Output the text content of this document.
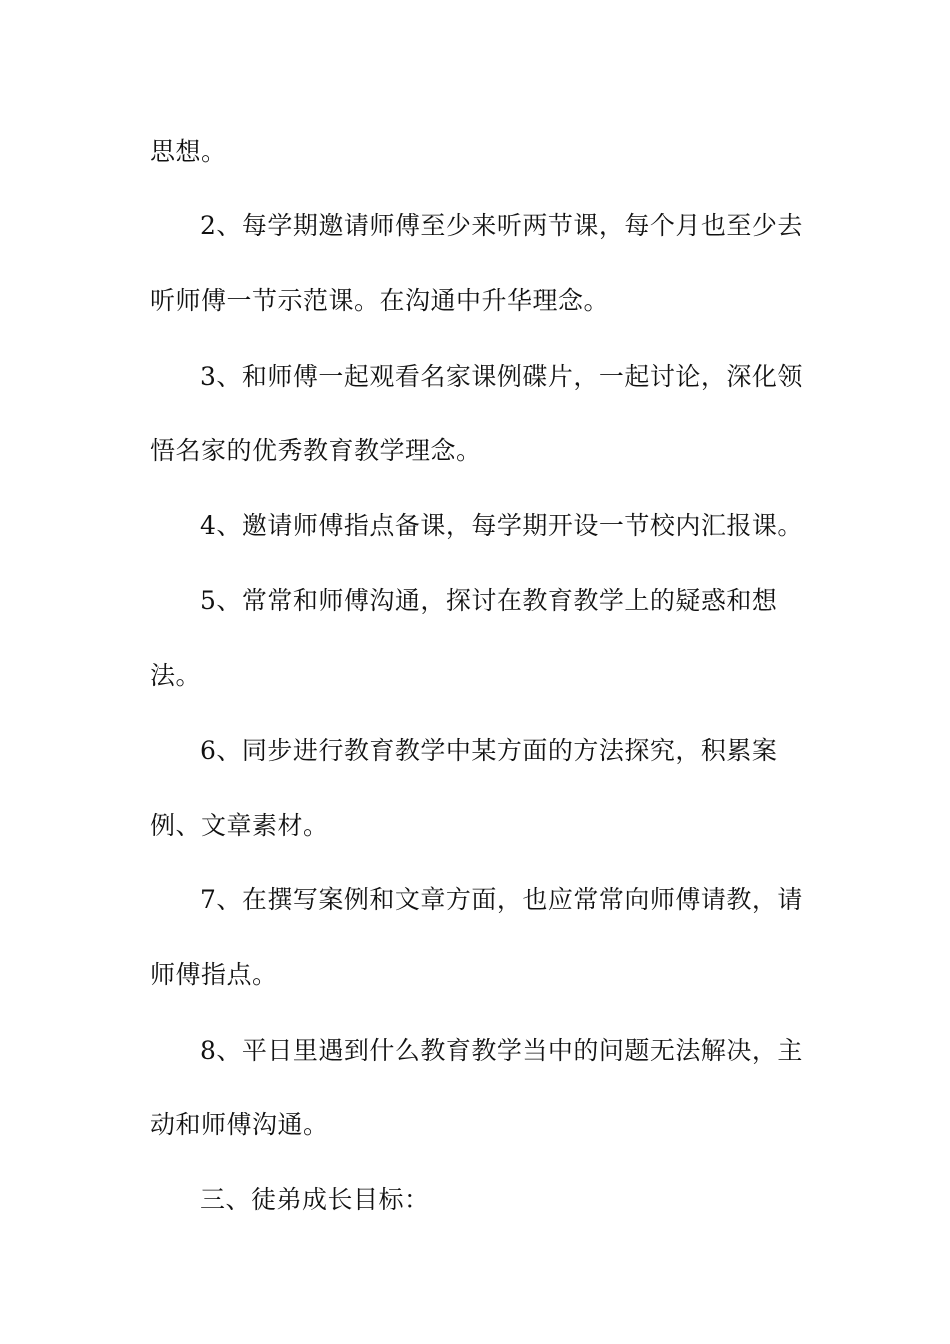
思想。
2、每学期邀请师傅至少来听两节课，每个月也至少去
听师傅一节示范课。在沟通中升华理念。
3、和师傅一起观看名家课例碟片，一起讨论，深化领
悟名家的优秀教育教学理念。
4、邀请师傅指点备课，每学期开设一节校内汇报课。
5、常常和师傅沟通，探讨在教育教学上的疑惑和想
法。
6、同步进行教育教学中某方面的方法探究，积累案
例、文章素材。
7、在撰写案例和文章方面，也应常常向师傅请教，请
师傅指点。
8、平日里遇到什么教育教学当中的问题无法解决，主
动和师傅沟通。
三、徒弟成长目标：
